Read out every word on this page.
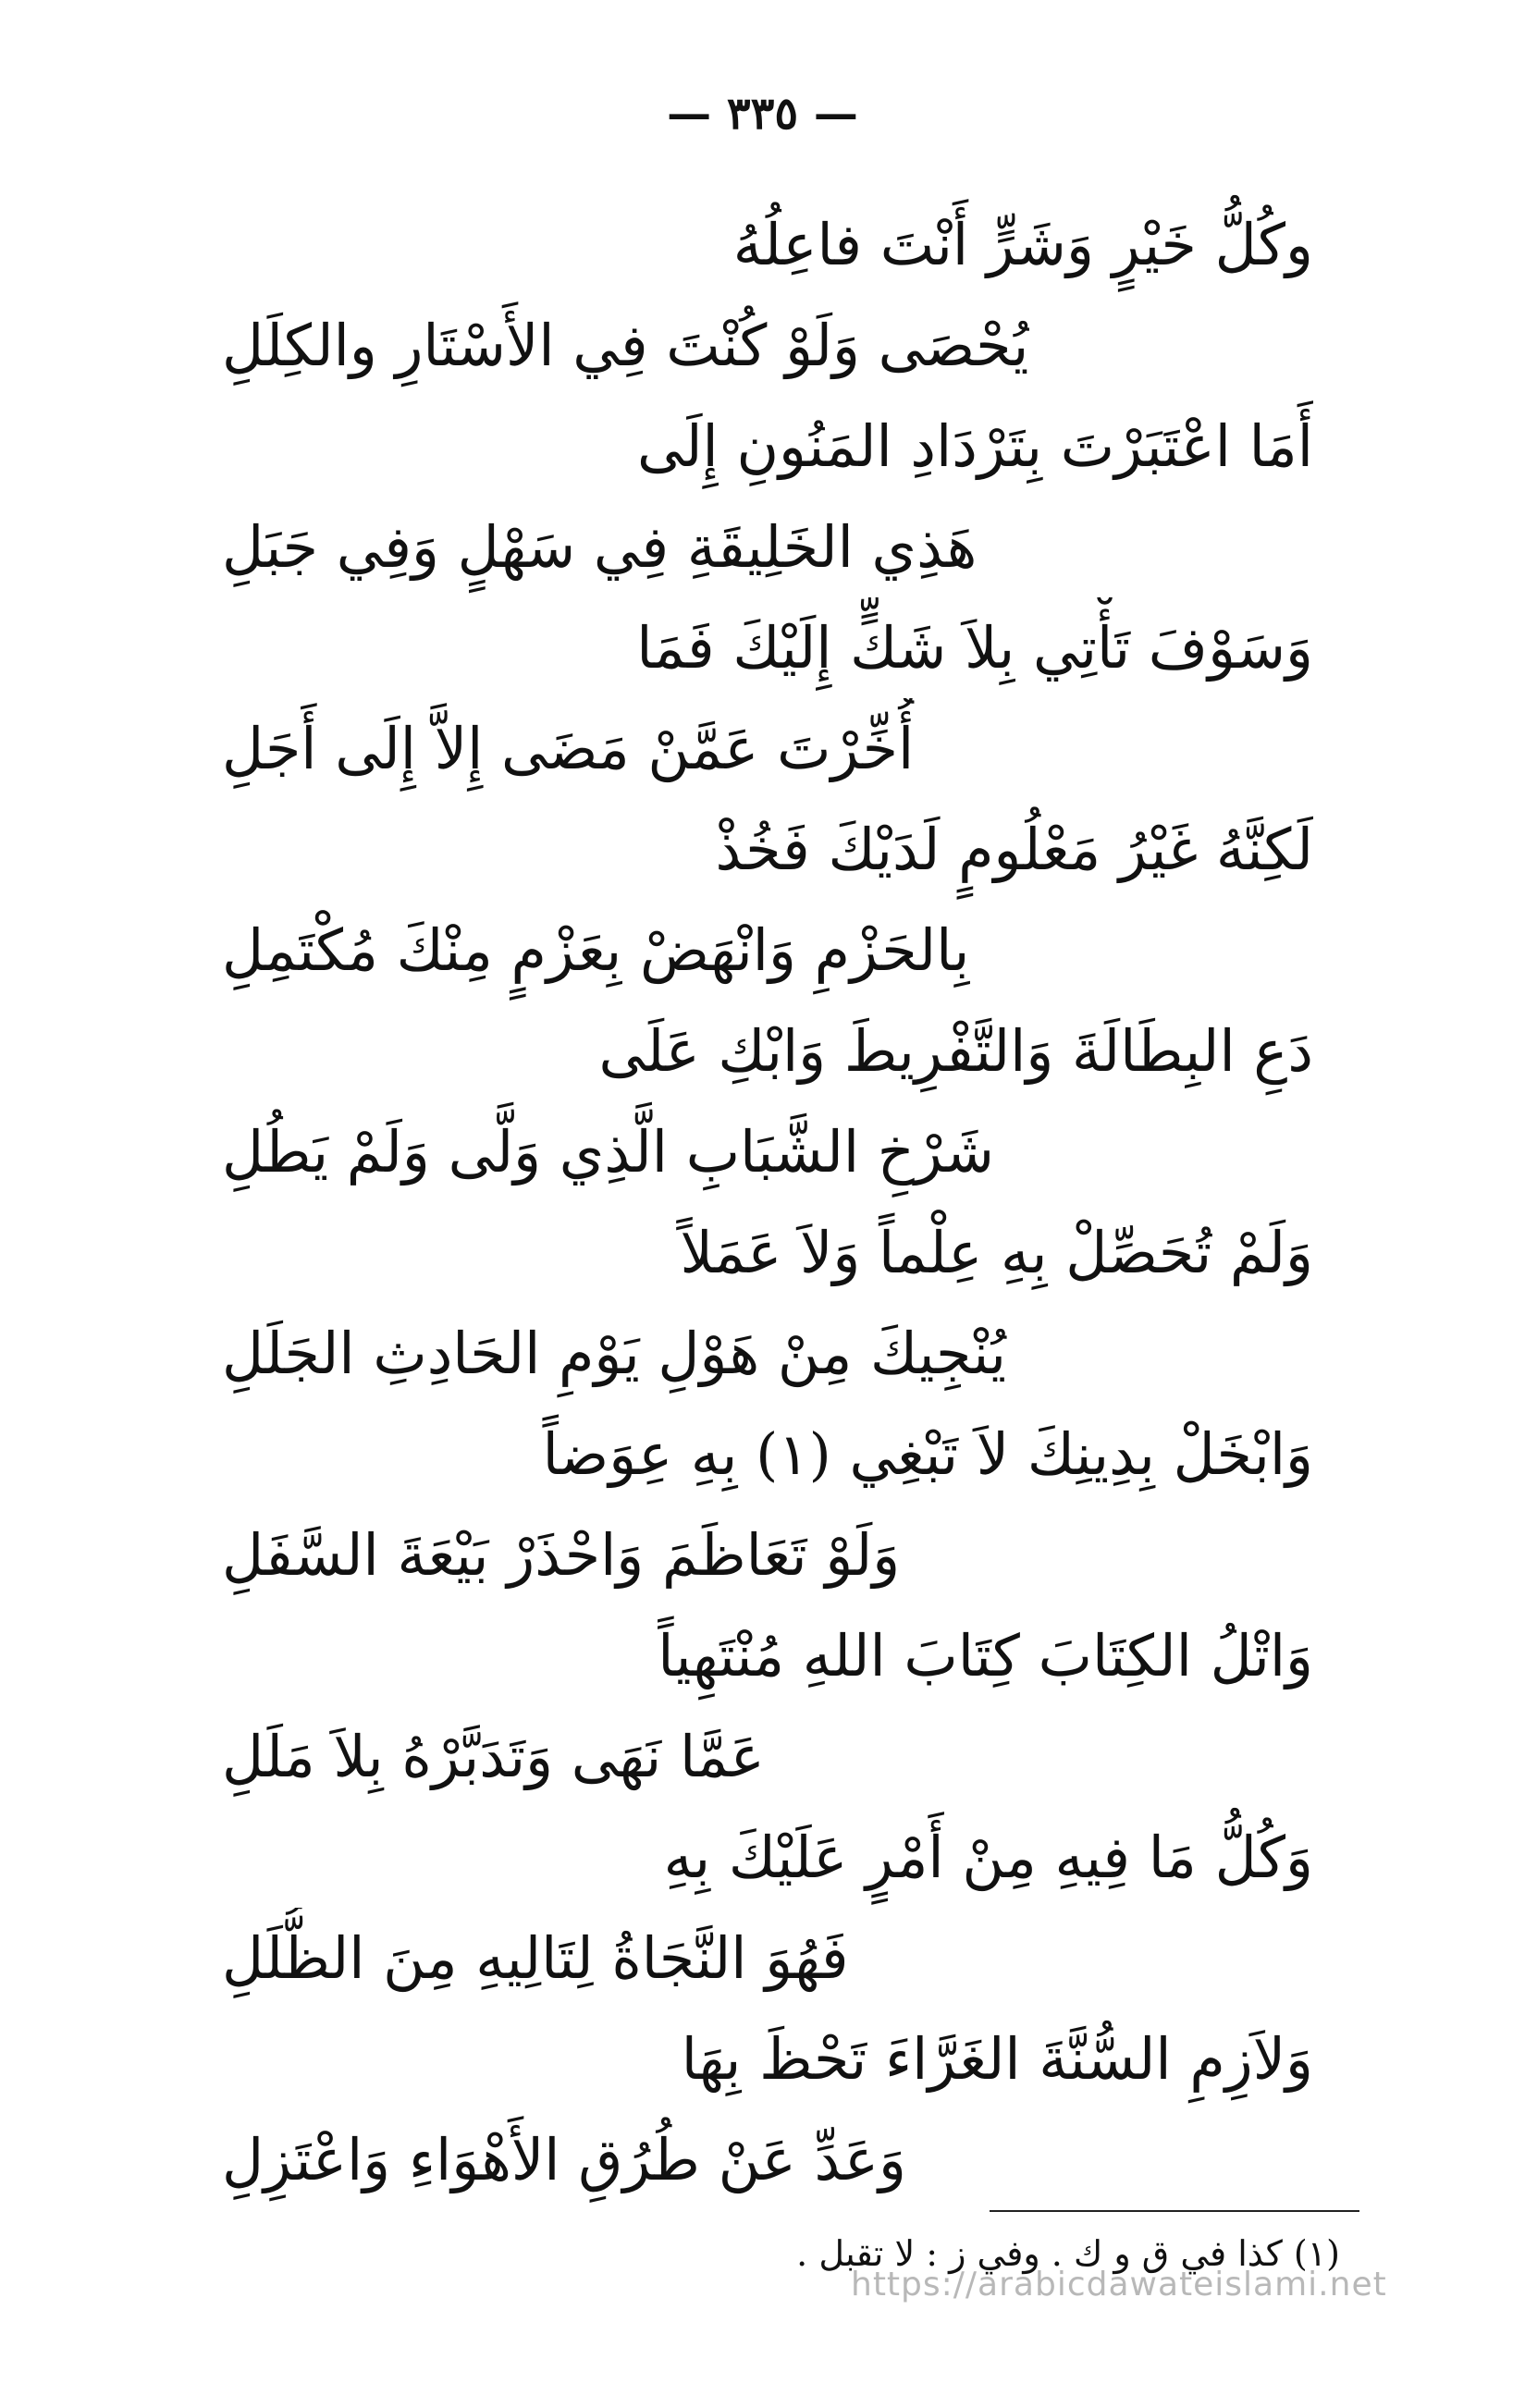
— ٣٣٥ —
وكُلُّ خَيْرٍ وَشَرٍّ أَنْتَ فاعِلُهُ
يُحْصَى وَلَوْ كُنْتَ فِي الأَسْتَارِ والكِلَلِ
أَمَا اعْتَبَرْتَ بِتَرْدَادِ المَنُونِ إِلَى
هَذِي الخَلِيقَةِ فِي سَهْلٍ وَفِي جَبَلِ
وَسَوْفَ تَأْتِي بِلاَ شَكٍّ إِلَيْكَ فَمَا
أُخِّرْتَ عَمَّنْ مَضَى إِلاَّ إِلَى أَجَلِ
لَكِنَّهُ غَيْرُ مَعْلُومٍ لَدَيْكَ فَخُذْ
بِالحَزْمِ وَانْهَضْ بِعَزْمٍ مِنْكَ مُكْتَمِلِ
دَعِ البِطَالَةَ وَالتَّفْرِيطَ وَابْكِ عَلَى
شَرْخِ الشَّبَابِ الَّذِي وَلَّى وَلَمْ يَطُلِ
وَلَمْ تُحَصِّلْ بِهِ عِلْماً وَلاَ عَمَلاً
يُنْجِيكَ مِنْ هَوْلِ يَوْمِ الحَادِثِ الجَلَلِ
وَابْخَلْ بِدِينِكَ لاَ تَبْغِي (١) بِهِ عِوَضاً
وَلَوْ تَعَاظَمَ وَاحْذَرْ بَيْعَةَ السَّفَلِ
وَاتْلُ الكِتَابَ كِتَابَ اللهِ مُنْتَهِياً
عَمَّا نَهَى وَتَدَبَّرْهُ بِلاَ مَلَلِ
وَكُلُّ مَا فِيهِ مِنْ أَمْرٍ عَلَيْكَ بِهِ
فَهُوَ النَّجَاةُ لِتَالِيهِ مِنَ الظُّلَلِ
وَلاَزِمِ السُّنَّةَ الغَرَّاءَ تَحْظَ بِهَا
وَعَدِّ عَنْ طُرُقِ الأَهْوَاءِ وَاعْتَزِلِ
(١) كذا في ق و ك . وفي ز : لا تقبل .
https://arabicdawateislami.net
